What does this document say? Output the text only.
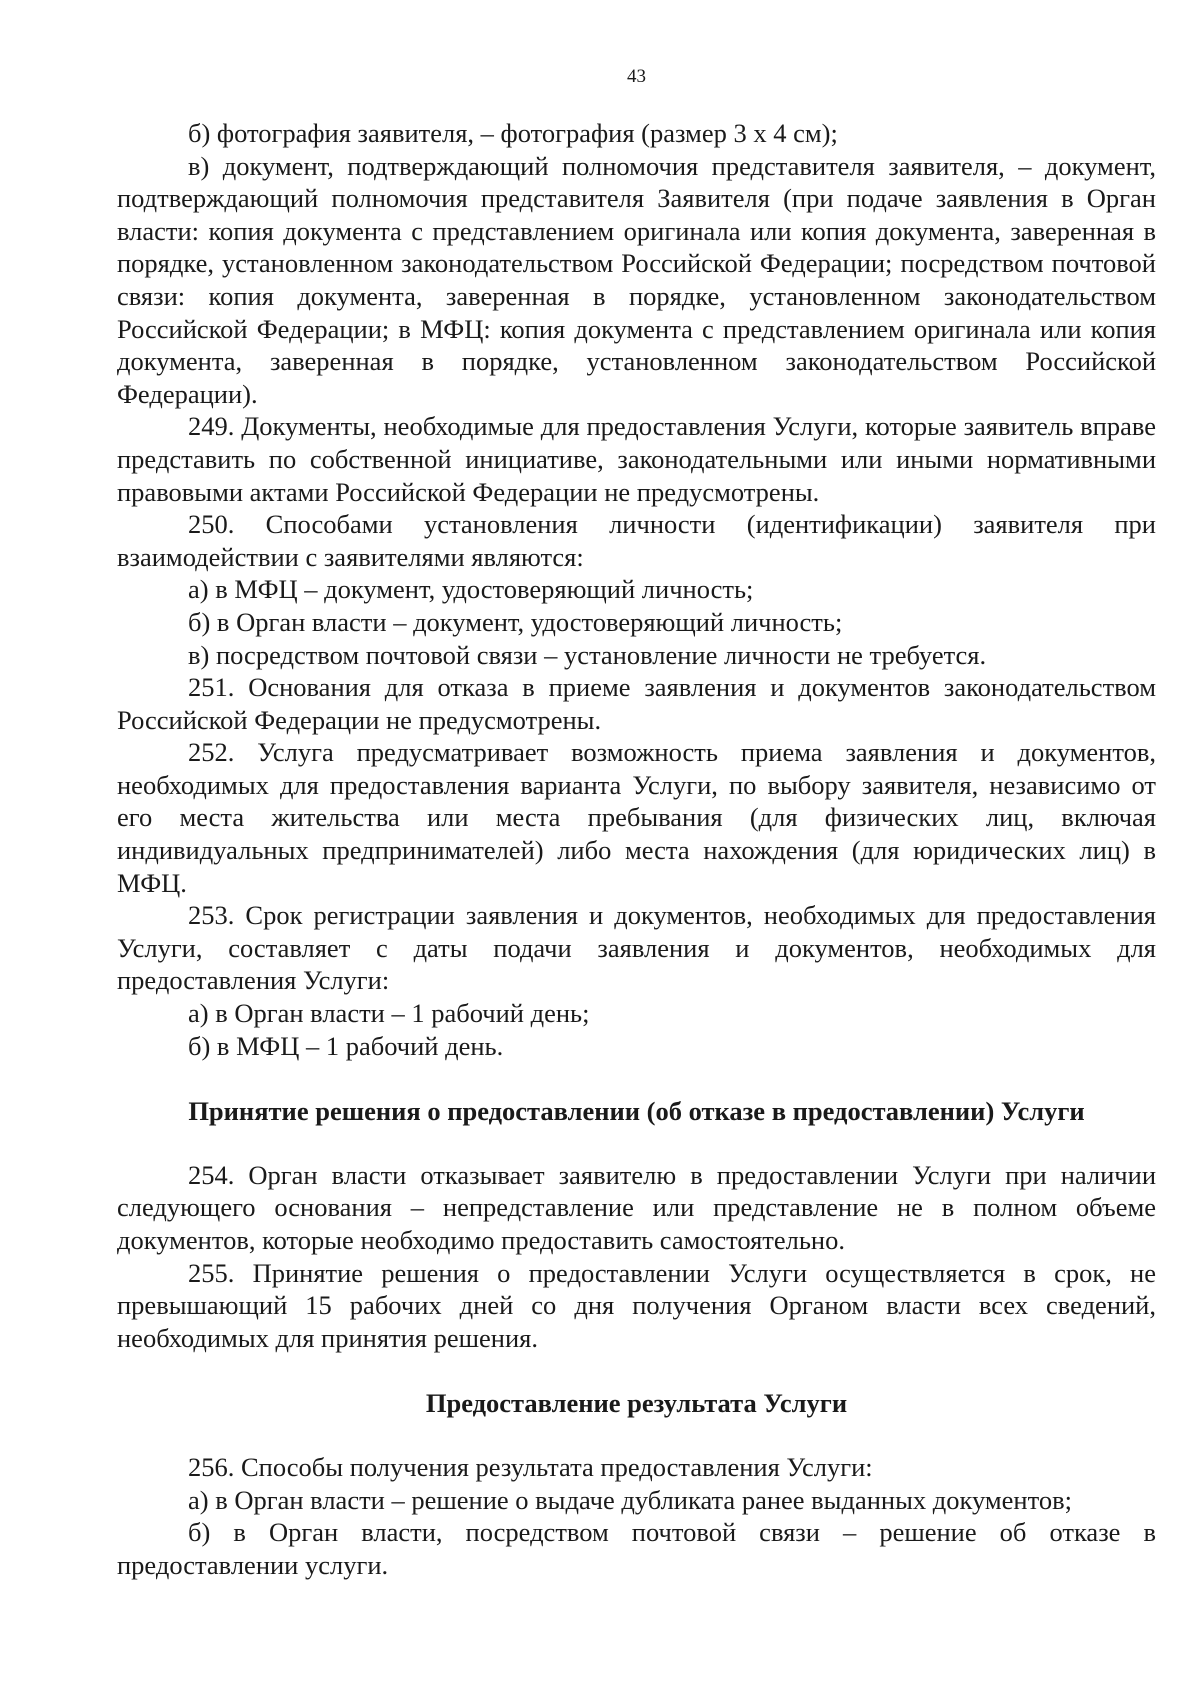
43

б) фотография заявителя, – фотография (размер 3 х 4 см);

в) документ, подтверждающий полномочия представителя заявителя, – документ, подтверждающий полномочия представителя Заявителя (при подаче заявления в Орган власти: копия документа с представлением оригинала или копия документа, заверенная в порядке, установленном законодательством Российской Федерации; посредством почтовой связи: копия документа, заверенная в порядке, установленном законодательством Российской Федерации; в МФЦ: копия документа с представлением оригинала или копия документа, заверенная в порядке, установленном законодательством Российской Федерации).

249. Документы, необходимые для предоставления Услуги, которые заявитель вправе представить по собственной инициативе, законодательными или иными нормативными правовыми актами Российской Федерации не предусмотрены.

250. Способами установления личности (идентификации) заявителя при взаимодействии с заявителями являются:

а) в МФЦ – документ, удостоверяющий личность;

б) в Орган власти – документ, удостоверяющий личность;

в) посредством почтовой связи – установление личности не требуется.

251. Основания для отказа в приеме заявления и документов законодательством Российской Федерации не предусмотрены.

252. Услуга предусматривает возможность приема заявления и документов, необходимых для предоставления варианта Услуги, по выбору заявителя, независимо от его места жительства или места пребывания (для физических лиц, включая индивидуальных предпринимателей) либо места нахождения (для юридических лиц) в МФЦ.

253. Срок регистрации заявления и документов, необходимых для предоставления Услуги, составляет с даты подачи заявления и документов, необходимых для предоставления Услуги:

а) в Орган власти – 1 рабочий день;

б) в МФЦ – 1 рабочий день.

Принятие решения о предоставлении (об отказе в предоставлении) Услуги

254. Орган власти отказывает заявителю в предоставлении Услуги при наличии следующего основания – непредставление или представление не в полном объеме документов, которые необходимо предоставить самостоятельно.

255. Принятие решения о предоставлении Услуги осуществляется в срок, не превышающий 15 рабочих дней со дня получения Органом власти всех сведений, необходимых для принятия решения.

Предоставление результата Услуги

256. Способы получения результата предоставления Услуги:

а) в Орган власти – решение о выдаче дубликата ранее выданных документов;

б) в Орган власти, посредством почтовой связи – решение об отказе в предоставлении услуги.
